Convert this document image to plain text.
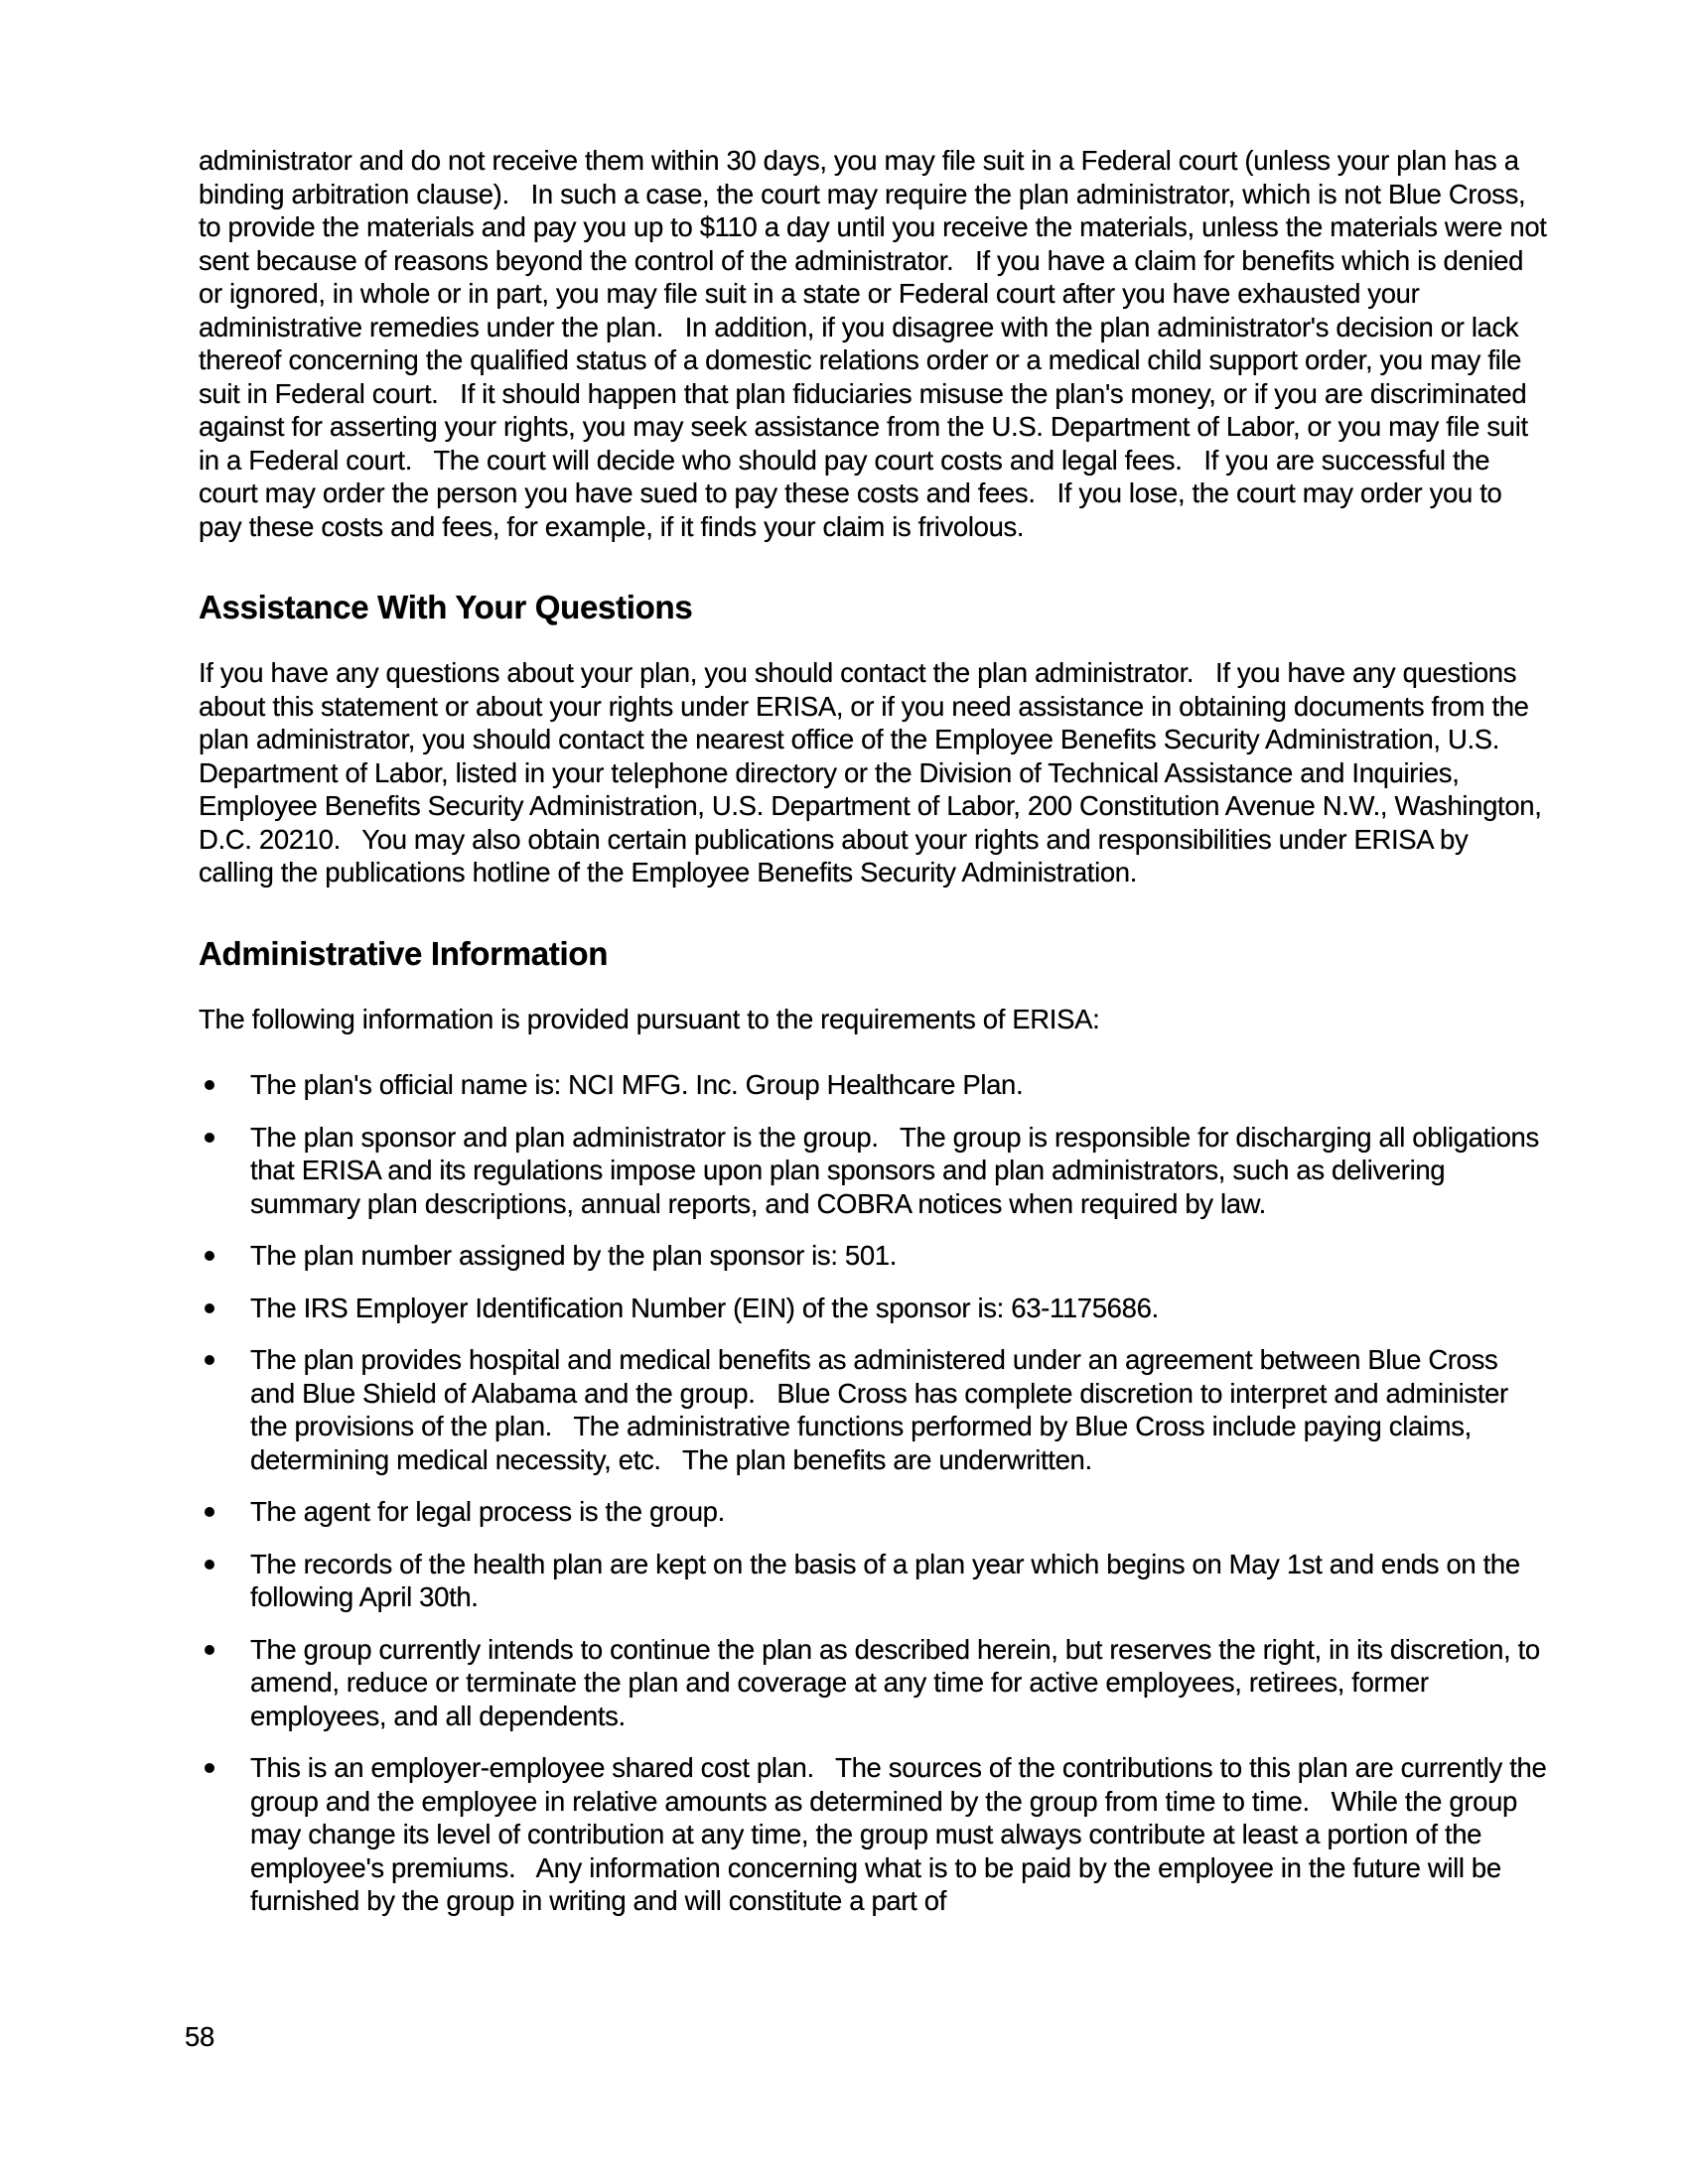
administrator and do not receive them within 30 days, you may file suit in a Federal court (unless your plan has a binding arbitration clause).   In such a case, the court may require the plan administrator, which is not Blue Cross, to provide the materials and pay you up to $110 a day until you receive the materials, unless the materials were not sent because of reasons beyond the control of the administrator.   If you have a claim for benefits which is denied or ignored, in whole or in part, you may file suit in a state or Federal court after you have exhausted your administrative remedies under the plan.   In addition, if you disagree with the plan administrator's decision or lack thereof concerning the qualified status of a domestic relations order or a medical child support order, you may file suit in Federal court.   If it should happen that plan fiduciaries misuse the plan's money, or if you are discriminated against for asserting your rights, you may seek assistance from the U.S. Department of Labor, or you may file suit in a Federal court.   The court will decide who should pay court costs and legal fees.   If you are successful the court may order the person you have sued to pay these costs and fees.   If you lose, the court may order you to pay these costs and fees, for example, if it finds your claim is frivolous.

Assistance With Your Questions

If you have any questions about your plan, you should contact the plan administrator.   If you have any questions about this statement or about your rights under ERISA, or if you need assistance in obtaining documents from the plan administrator, you should contact the nearest office of the Employee Benefits Security Administration, U.S. Department of Labor, listed in your telephone directory or the Division of Technical Assistance and Inquiries, Employee Benefits Security Administration, U.S. Department of Labor, 200 Constitution Avenue N.W., Washington, D.C. 20210.   You may also obtain certain publications about your rights and responsibilities under ERISA by calling the publications hotline of the Employee Benefits Security Administration.

Administrative Information

The following information is provided pursuant to the requirements of ERISA:

The plan's official name is: NCI MFG. Inc. Group Healthcare Plan.
The plan sponsor and plan administrator is the group.   The group is responsible for discharging all obligations that ERISA and its regulations impose upon plan sponsors and plan administrators, such as delivering summary plan descriptions, annual reports, and COBRA notices when required by law.
The plan number assigned by the plan sponsor is: 501.
The IRS Employer Identification Number (EIN) of the sponsor is: 63-1175686.
The plan provides hospital and medical benefits as administered under an agreement between Blue Cross and Blue Shield of Alabama and the group.   Blue Cross has complete discretion to interpret and administer the provisions of the plan.   The administrative functions performed by Blue Cross include paying claims, determining medical necessity, etc.   The plan benefits are underwritten.
The agent for legal process is the group.
The records of the health plan are kept on the basis of a plan year which begins on May 1st and ends on the following April 30th.
The group currently intends to continue the plan as described herein, but reserves the right, in its discretion, to amend, reduce or terminate the plan and coverage at any time for active employees, retirees, former employees, and all dependents.
This is an employer-employee shared cost plan.   The sources of the contributions to this plan are currently the group and the employee in relative amounts as determined by the group from time to time.   While the group may change its level of contribution at any time, the group must always contribute at least a portion of the employee's premiums.   Any information concerning what is to be paid by the employee in the future will be furnished by the group in writing and will constitute a part of
58
